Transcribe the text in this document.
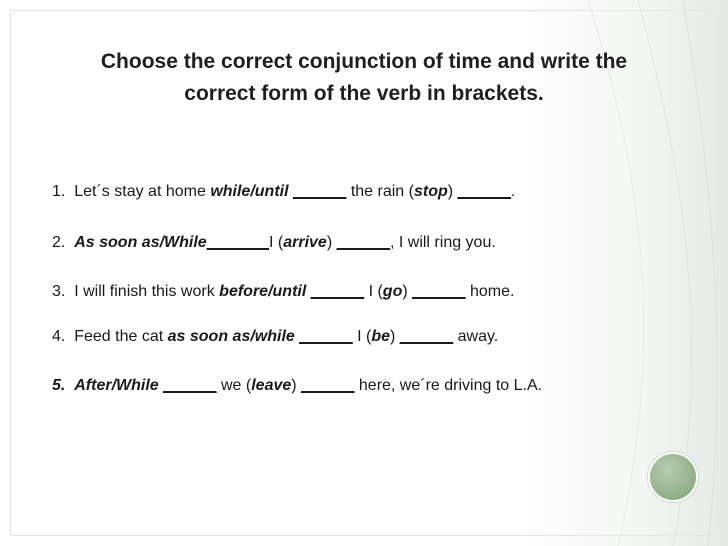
Choose the correct conjunction of time and write the
correct form of the verb in brackets.
1. Let´s stay at home while/until ______ the rain (stop) ______.
2. As soon as/While_______I (arrive) ______, I will ring you.
3. I will finish this work before/until ______ I (go) ______ home.
4. Feed the cat as soon as/while ______ I (be) ______ away.
5. After/While ______ we (leave) ______ here, we´re driving to L.A.
